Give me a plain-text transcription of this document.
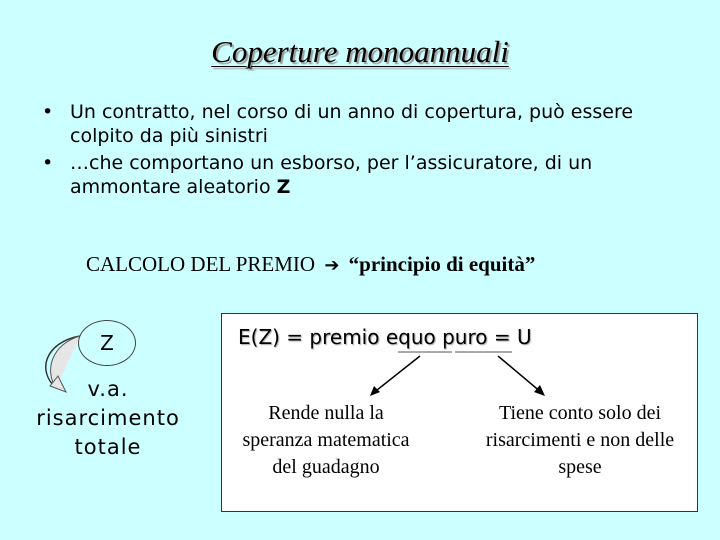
Coperture monoannuali
• Un contratto, nel corso di un anno di copertura, può essere colpito da più sinistri
• …che comportano un esborso, per l’assicuratore, di un ammontare aleatorio Z
CALCOLO DEL PREMIO ➔ “principio di equità”
Z
v.a.
risarcimento
totale
E(Z) = premio equo puro = U
Rende nulla la
speranza matematica
del guadagno
Tiene conto solo dei
risarcimenti e non delle
spese
